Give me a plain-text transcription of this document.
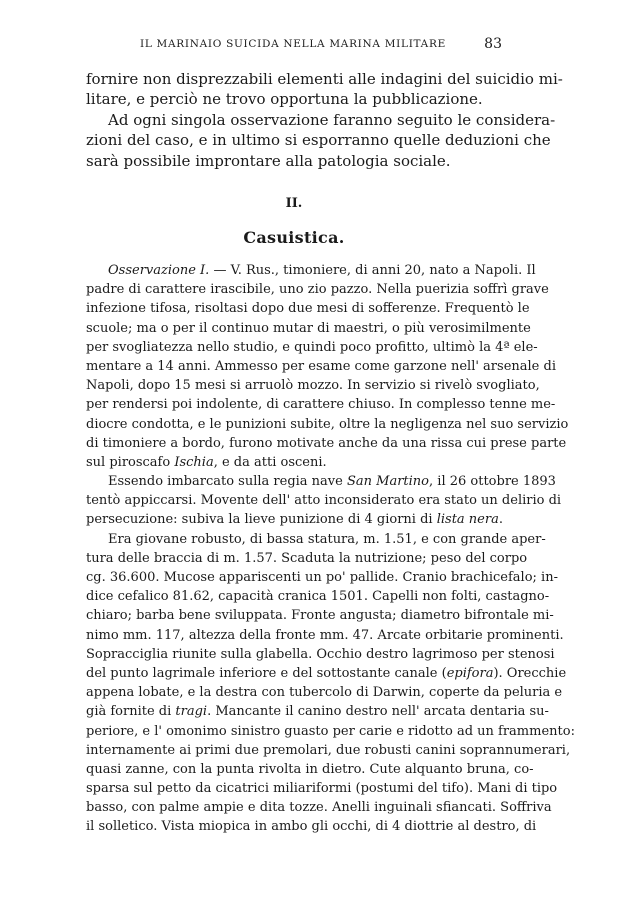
IL MARINAIO SUICIDA NELLA MARINA MILITARE	83
fornire non disprezzabili elementi alle indagini del suicidio mi-
litare, e perciò ne trovo opportuna la pubblicazione.
Ad ogni singola osservazione faranno seguito le considera-
zioni del caso, e in ultimo si esporranno quelle deduzioni che
sarà possibile improntare alla patologia sociale.
II.
Casuistica.
Osservazione I. — V. Rus., timoniere, di anni 20, nato a Napoli. Il
padre di carattere irascibile, uno zio pazzo. Nella puerizia soffrì grave
infezione tifosa, risoltasi dopo due mesi di sofferenze. Frequentò le
scuole; ma o per il continuo mutar di maestri, o più verosimilmente
per svogliatezza nello studio, e quindi poco profitto, ultimò la 4ª ele-
mentare a 14 anni. Ammesso per esame come garzone nell' arsenale di
Napoli, dopo 15 mesi si arruolò mozzo. In servizio si rivelò svogliato,
per rendersi poi indolente, di carattere chiuso. In complesso tenne me-
diocre condotta, e le punizioni subite, oltre la negligenza nel suo servizio
di timoniere a bordo, furono motivate anche da una rissa cui prese parte
sul piroscafo Ischia, e da atti osceni.
Essendo imbarcato sulla regia nave San Martino, il 26 ottobre 1893
tentò appiccarsi. Movente dell' atto inconsiderato era stato un delirio di
persecuzione: subiva la lieve punizione di 4 giorni di lista nera.
Era giovane robusto, di bassa statura, m. 1.51, e con grande aper-
tura delle braccia di m. 1.57. Scaduta la nutrizione; peso del corpo
cg. 36.600. Mucose appariscenti un po' pallide. Cranio brachicefalo; in-
dice cefalico 81.62, capacità cranica 1501. Capelli non folti, castagno-
chiaro; barba bene sviluppata. Fronte angusta; diametro bifrontale mi-
nimo mm. 117, altezza della fronte mm. 47. Arcate orbitarie prominenti.
Sopracciglia riunite sulla glabella. Occhio destro lagrimoso per stenosi
del punto lagrimale inferiore e del sottostante canale (epifora). Orecchie
appena lobate, e la destra con tubercolo di Darwin, coperte da peluria e
già fornite di tragi. Mancante il canino destro nell' arcata dentaria su-
periore, e l' omonimo sinistro guasto per carie e ridotto ad un frammento:
internamente ai primi due premolari, due robusti canini soprannumerari,
quasi zanne, con la punta rivolta in dietro. Cute alquanto bruna, co-
sparsa sul petto da cicatrici miliariformi (postumi del tifo). Mani di tipo
basso, con palme ampie e dita tozze. Anelli inguinali sfiancati. Soffriva
il solletico. Vista miopica in ambo gli occhi, di 4 diottrie al destro, di
